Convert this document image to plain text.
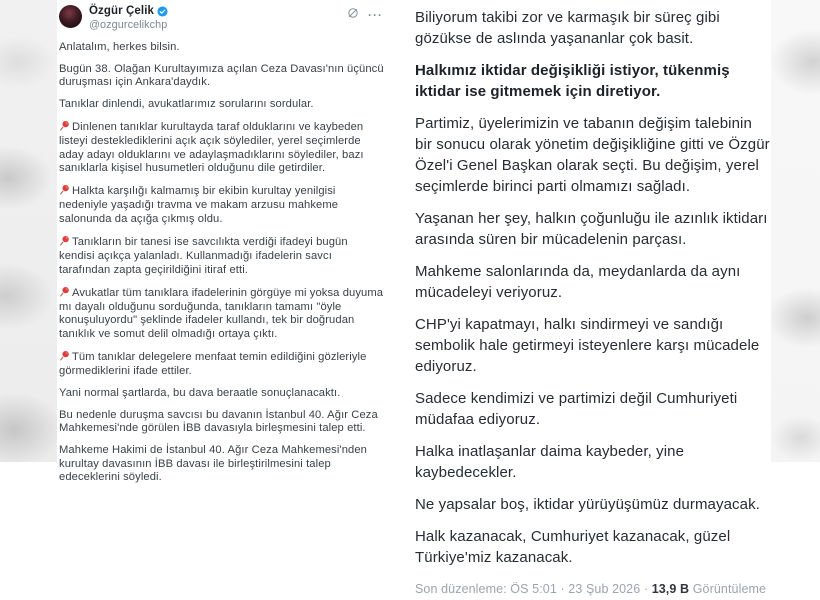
Özgür Çelik
@ozgurcelikchp
···

Anlatalım, herkes bilsin.

Bugün 38. Olağan Kurultayımıza açılan Ceza Davası'nın üçüncü duruşması için Ankara'daydık.

Tanıklar dinlendi, avukatlarımız sorularını sordular.

Dinlenen tanıklar kurultayda taraf olduklarını ve kaybeden listeyi desteklediklerini açık açık söylediler, yerel seçimlerde aday adayı olduklarını ve adaylaşmadıklarını söylediler, bazı sanıklarla kişisel husumetleri olduğunu dile getirdiler.

Halkta karşılığı kalmamış bir ekibin kurultay yenilgisi nedeniyle yaşadığı travma ve makam arzusu mahkeme salonunda da açığa çıkmış oldu.

Tanıkların bir tanesi ise savcılıkta verdiği ifadeyi bugün kendisi açıkça yalanladı. Kullanmadığı ifadelerin savcı tarafından zapta geçirildiğini itiraf etti.

Avukatlar tüm tanıklara ifadelerinin görgüye mi yoksa duyuma mı dayalı olduğunu sorduğunda, tanıkların tamamı "öyle konuşuluyordu" şeklinde ifadeler kullandı, tek bir doğrudan tanıklık ve somut delil olmadığı ortaya çıktı.

Tüm tanıklar delegelere menfaat temin edildiğini gözleriyle görmediklerini ifade ettiler.

Yani normal şartlarda, bu dava beraatle sonuçlanacaktı.

Bu nedenle duruşma savcısı bu davanın İstanbul 40. Ağır Ceza Mahkemesi'nde görülen İBB davasıyla birleşmesini talep etti.

Mahkeme Hakimi de İstanbul 40. Ağır Ceza Mahkemesi'nden kurultay davasının İBB davası ile birleştirilmesini talep edeceklerini söyledi.

Biliyorum takibi zor ve karmaşık bir süreç gibi gözükse de aslında yaşananlar çok basit.

Halkımız iktidar değişikliği istiyor, tükenmiş iktidar ise gitmemek için diretiyor.

Partimiz, üyelerimizin ve tabanın değişim talebinin bir sonucu olarak yönetim değişikliğine gitti ve Özgür Özel'i Genel Başkan olarak seçti. Bu değişim, yerel seçimlerde birinci parti olmamızı sağladı.

Yaşanan her şey, halkın çoğunluğu ile azınlık iktidarı arasında süren bir mücadelenin parçası.

Mahkeme salonlarında da, meydanlarda da aynı mücadeleyi veriyoruz.

CHP'yi kapatmayı, halkı sindirmeyi ve sandığı sembolik hale getirmeyi isteyenlere karşı mücadele ediyoruz.

Sadece kendimizi ve partimizi değil Cumhuriyeti müdafaa ediyoruz.

Halka inatlaşanlar daima kaybeder, yine kaybedecekler.

Ne yapsalar boş, iktidar yürüyüşümüz durmayacak.

Halk kazanacak, Cumhuriyet kazanacak, güzel Türkiye'miz kazanacak.

Son düzenleme: ÖS 5:01 · 23 Şub 2026 · 13,9 B Görüntüleme
